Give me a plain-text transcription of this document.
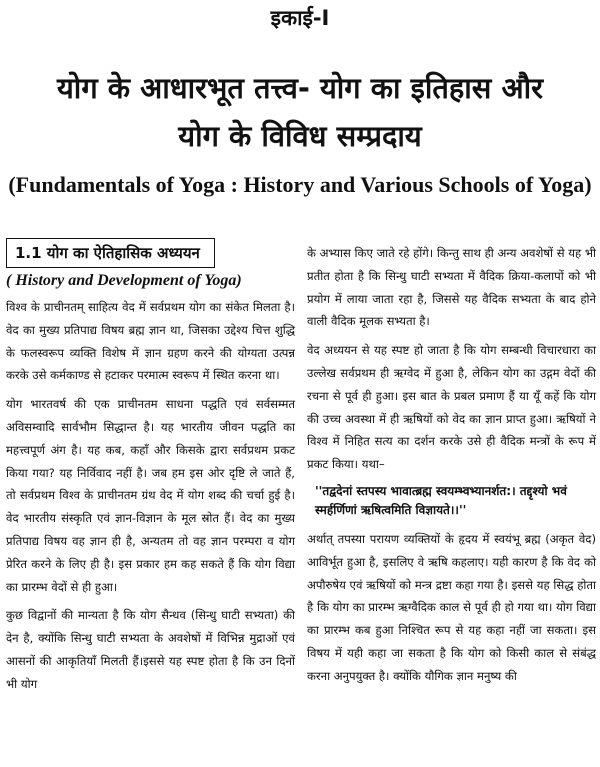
इकाई-I
योग के आधारभूत तत्त्व- योग का इतिहास और
योग के विविध सम्प्रदाय
(Fundamentals of Yoga : History and Various Schools of Yoga)
1.1 योग का ऐतिहासिक अध्ययन
( History and Development of Yoga)

विश्व के प्राचीनतम् साहित्य वेद में सर्वप्रथम योग का संकेत मिलता है। वेद का मुख्य प्रतिपाद्य विषय ब्रह्म ज्ञान था, जिसका उद्देश्य चित्त शुद्धि के फलस्वरूप व्यक्ति विशेष में ज्ञान ग्रहण करने की योग्यता उत्पन्न करके उसे कर्मकाण्ड से हटाकर परमात्म स्वरूप में स्थित करना था।

योग भारतवर्ष की एक प्राचीनतम साधना पद्धति एवं सर्वसम्मत अविसम्वादि सार्वभौम सिद्धान्त है। यह भारतीय जीवन पद्धति का महत्त्वपूर्ण अंग है। यह कब, कहाँ और किसके द्वारा सर्वप्रथम प्रकट किया गया? यह निर्विवाद नहीं है। जब हम इस ओर दृष्टि ले जाते हैं, तो सर्वप्रथम विश्व के प्राचीनतम ग्रंथ वेद में योग शब्द की चर्चा हुई है। वेद भारतीय संस्कृति एवं ज्ञान-विज्ञान के मूल स्रोत हैं। वेद का मुख्य प्रतिपाद्य विषय वह ज्ञान ही है, अन्यतम तो वह ज्ञान परम्परा व योग प्रेरित करने के लिए ही है। इस प्रकार हम कह सकते हैं कि योग विद्या का प्रारम्भ वेदों से ही हुआ।

कुछ विद्वानों की मान्यता है कि योग सैन्धव (सिन्धु घाटी सभ्यता) की देन है, क्योंकि सिन्धु घाटी सभ्यता के अवशेषों में विभिन्न मुद्राओं एवं आसनों की आकृतियाँ मिलती हैं।इससे यह स्पष्ट होता है कि उन दिनों भी योग

के अभ्यास किए जाते रहे होंगे। किन्तु साथ ही अन्य अवशेषों से यह भी प्रतीत होता है कि सिन्धु घाटी सभ्यता में वैदिक क्रिया-कलापों को भी प्रयोग में लाया जाता रहा है, जिससे यह वैदिक सभ्यता के बाद होने वाली वैदिक मूलक सभ्यता है।

वेद अध्ययन से यह स्पष्ट हो जाता है कि योग सम्बन्धी विचारधारा का उल्लेख सर्वप्रथम ही ऋग्वेद में हुआ है, लेकिन योग का उद्गम वेदों की रचना से पूर्व ही हुआ। इस बात के प्रबल प्रमाण हैं या यूँ कहें कि योग की उच्च अवस्था में ही ऋषियों को वेद का ज्ञान प्राप्त हुआ। ऋषियों ने विश्व में निहित सत्य का दर्शन करके उसे ही वैदिक मन्त्रों के रूप में प्रकट किया। यथा–

''तद्वदेनां स्तपस्य भावात्ब्रह्म स्वयम्भ्वभ्यानर्शत:। तद्दृश्यो भवं स्मर्हर्णिणां ऋषित्वमिति विज्ञायते।।''

अर्थात् तपस्या परायण व्यक्तियों के हृदय में स्वयंभू ब्रह्म (अकृत वेद) आविर्भूत हुआ है, इसलिए वे ऋषि कहलाए। यही कारण है कि वेद को अपौरुषेय एवं ऋषियों को मन्त्र द्रष्टा कहा गया है। इससे यह सिद्ध होता है कि योग का प्रारम्भ ऋग्वैदिक काल से पूर्व ही हो गया था। योग विद्या का प्रारम्भ कब हुआ निश्चित रूप से यह कहा नहीं जा सकता। इस विषय में यही कहा जा सकता है कि योग को किसी काल से संबंद्ध करना अनुपयुक्त है। क्योंकि यौगिक ज्ञान मनुष्य की
